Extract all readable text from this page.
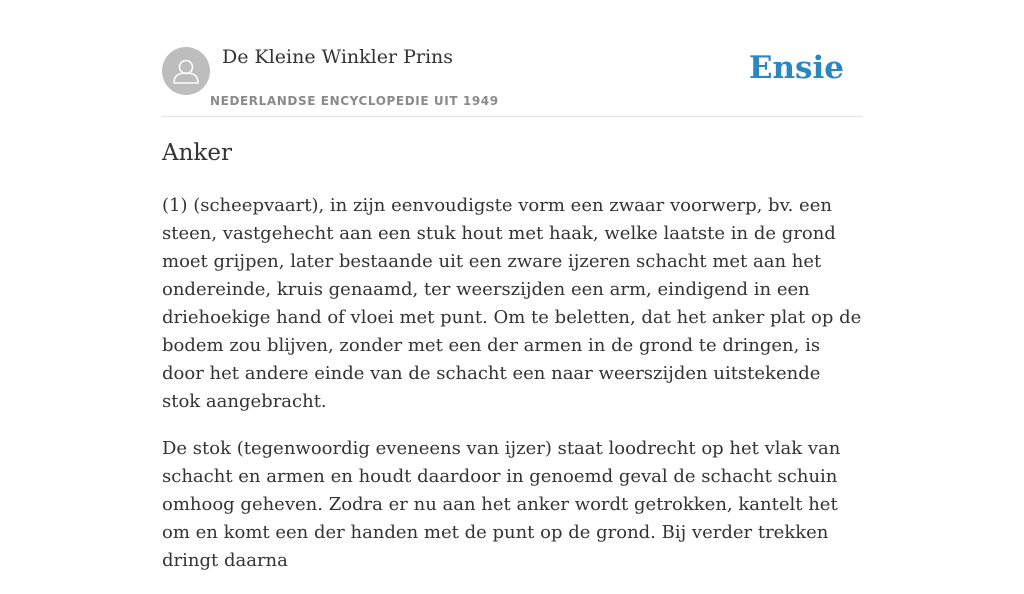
De Kleine Winkler Prins
NEDERLANDSE ENCYCLOPEDIE UIT 1949
Ensie
Anker

(1) (scheepvaart), in zijn eenvoudigste vorm een zwaar voorwerp, bv. een steen, vastgehecht aan een stuk hout met haak, welke laatste in de grond moet grijpen, later bestaande uit een zware ijzeren schacht met aan het ondereinde, kruis genaamd, ter weerszijden een arm, eindigend in een driehoekige hand of vloei met punt. Om te beletten, dat het anker plat op de bodem zou blijven, zonder met een der armen in de grond te dringen, is door het andere einde van de schacht een naar weerszijden uitstekende stok aangebracht.

De stok (tegenwoordig eveneens van ijzer) staat loodrecht op het vlak van schacht en armen en houdt daardoor in genoemd geval de schacht schuin omhoog geheven. Zodra er nu aan het anker wordt getrokken, kantelt het om en komt een der handen met de punt op de grond. Bij verder trekken dringt daarna
